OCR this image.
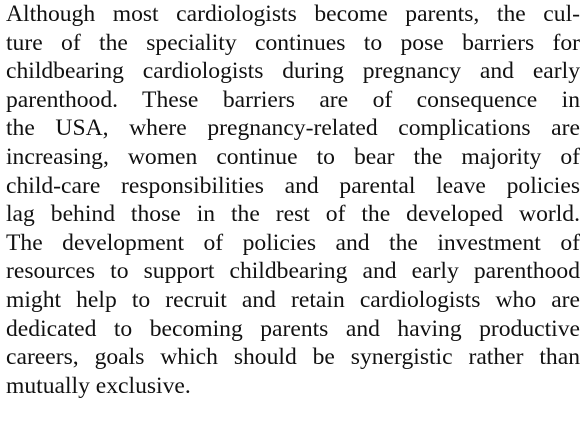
Although most cardiologists become parents, the cul-
ture of the speciality continues to pose barriers for
childbearing cardiologists during pregnancy and early
parenthood. These barriers are of consequence in
the USA, where pregnancy-related complications are
increasing, women continue to bear the majority of
child-care responsibilities and parental leave policies
lag behind those in the rest of the developed world.
The development of policies and the investment of
resources to support childbearing and early parenthood
might help to recruit and retain cardiologists who are
dedicated to becoming parents and having productive
careers, goals which should be synergistic rather than
mutually exclusive.
